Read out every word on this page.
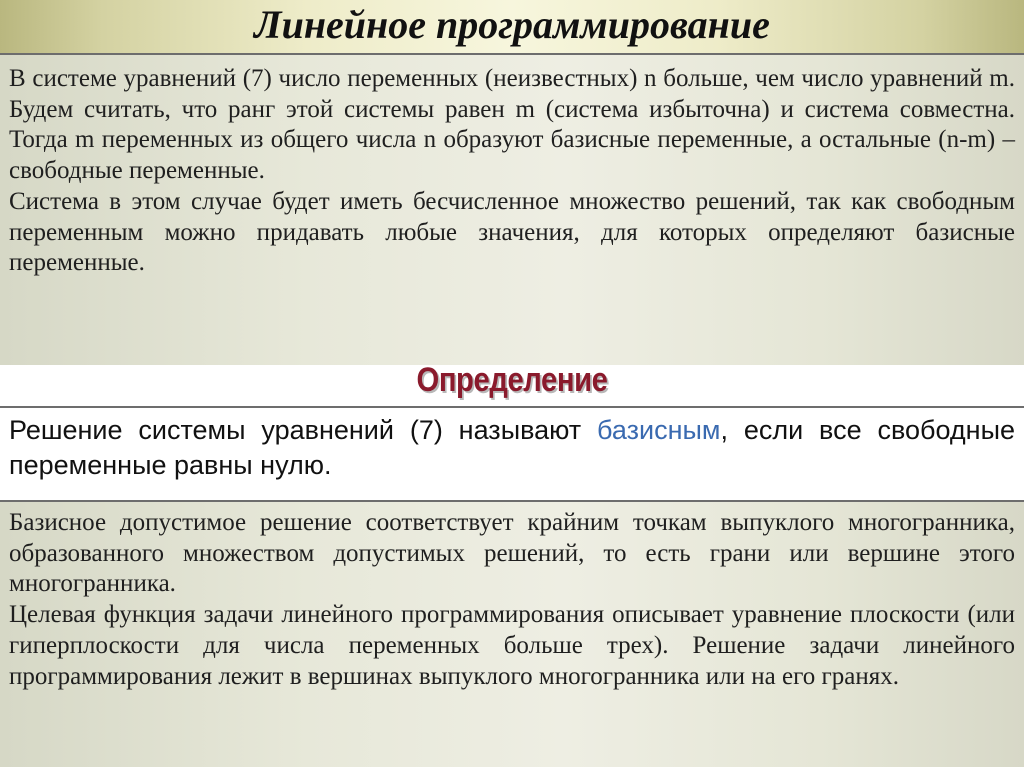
Линейное программирование

В системе уравнений (7) число переменных (неизвестных) n больше, чем число уравнений m. Будем считать, что ранг этой системы равен m (система избыточна) и система совместна. Тогда m переменных из общего числа n образуют базисные переменные, а остальные (n-m) – свободные переменные.

Система в этом случае будет иметь бесчисленное множество решений, так как свободным переменным можно придавать любые значения, для которых определяют базисные переменные.

Определение
Решение системы уравнений (7) называют базисным, если все свободные переменные равны нулю.

Базисное допустимое решение соответствует крайним точкам выпуклого многогранника, образованного множеством допустимых решений, то есть грани или вершине этого многогранника.

Целевая функция задачи линейного программирования описывает уравнение плоскости (или гиперплоскости для числа переменных больше трех). Решение задачи линейного программирования лежит в вершинах выпуклого многогранника или на его гранях.
